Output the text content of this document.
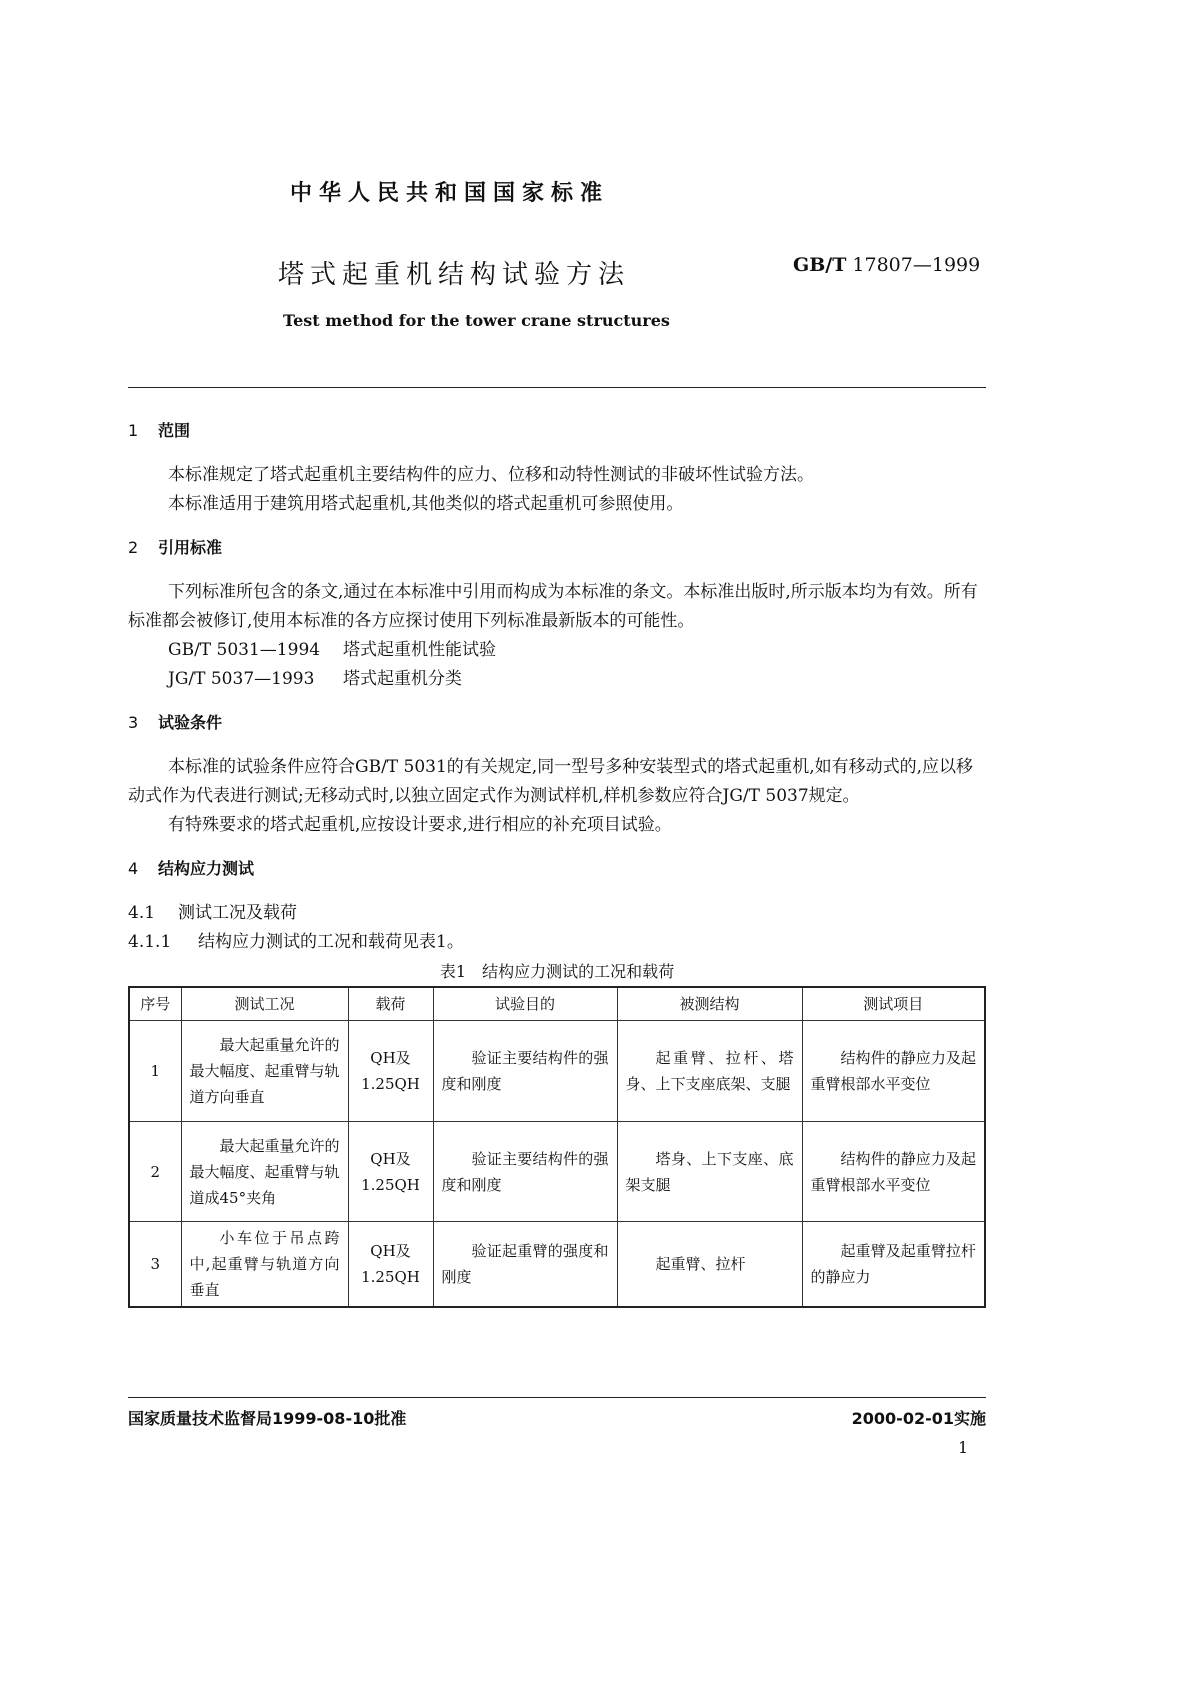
中华人民共和国国家标准
塔式起重机结构试验方法	GB/T 17807—1999
Test method for the tower crane structures
1 范围

本标准规定了塔式起重机主要结构件的应力、位移和动特性测试的非破坏性试验方法。

本标准适用于建筑用塔式起重机,其他类似的塔式起重机可参照使用。

2 引用标准

下列标准所包含的条文,通过在本标准中引用而构成为本标准的条文。本标准出版时,所示版本均为有效。所有标准都会被修订,使用本标准的各方应探讨使用下列标准最新版本的可能性。

GB/T 5031—1994 塔式起重机性能试验

JG/T 5037—1993 塔式起重机分类

3 试验条件

本标准的试验条件应符合GB/T 5031的有关规定,同一型号多种安装型式的塔式起重机,如有移动式的,应以移动式作为代表进行测试;无移动式时,以独立固定式作为测试样机,样机参数应符合JG/T 5037规定。

有特殊要求的塔式起重机,应按设计要求,进行相应的补充项目试验。

4 结构应力测试

4.1 测试工况及载荷

4.1.1 结构应力测试的工况和载荷见表1。

表1　结构应力测试的工况和载荷

序号	测试工况	载荷	试验目的	被测结构	测试项目
1	最大起重量允许的最大幅度、起重臂与轨道方向垂直	QH及1.25QH	验证主要结构件的强度和刚度	起重臂、拉杆、塔身、上下支座底架、支腿	结构件的静应力及起重臂根部水平变位
2	最大起重量允许的最大幅度、起重臂与轨道成45°夹角	QH及1.25QH	验证主要结构件的强度和刚度	塔身、上下支座、底架支腿	结构件的静应力及起重臂根部水平变位
3	小车位于吊点跨中,起重臂与轨道方向垂直	QH及1.25QH	验证起重臂的强度和刚度	起重臂、拉杆	起重臂及起重臂拉杆的静应力
国家质量技术监督局1999-08-10批准	2000-02-01实施
1
